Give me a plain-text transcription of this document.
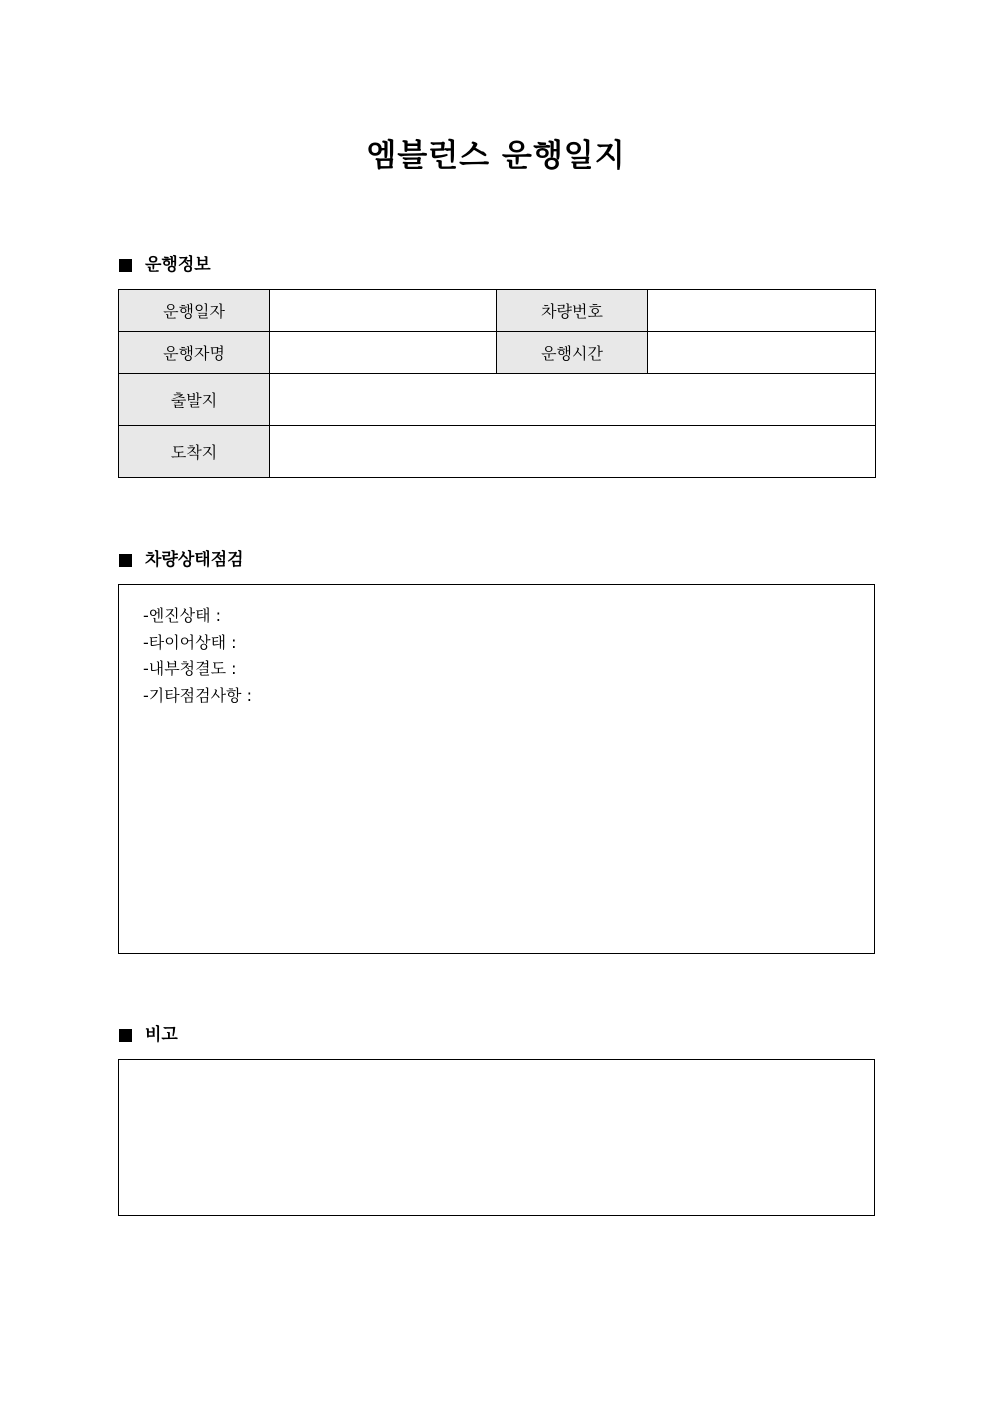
엠블런스 운행일지
운행정보
운행일자		차량번호	
운행자명		운행시간	
출발지			
도착지			
차량상태점검
-엔진상태 :
-타이어상태 :
-내부청결도 :
-기타점검사항 :
비고
